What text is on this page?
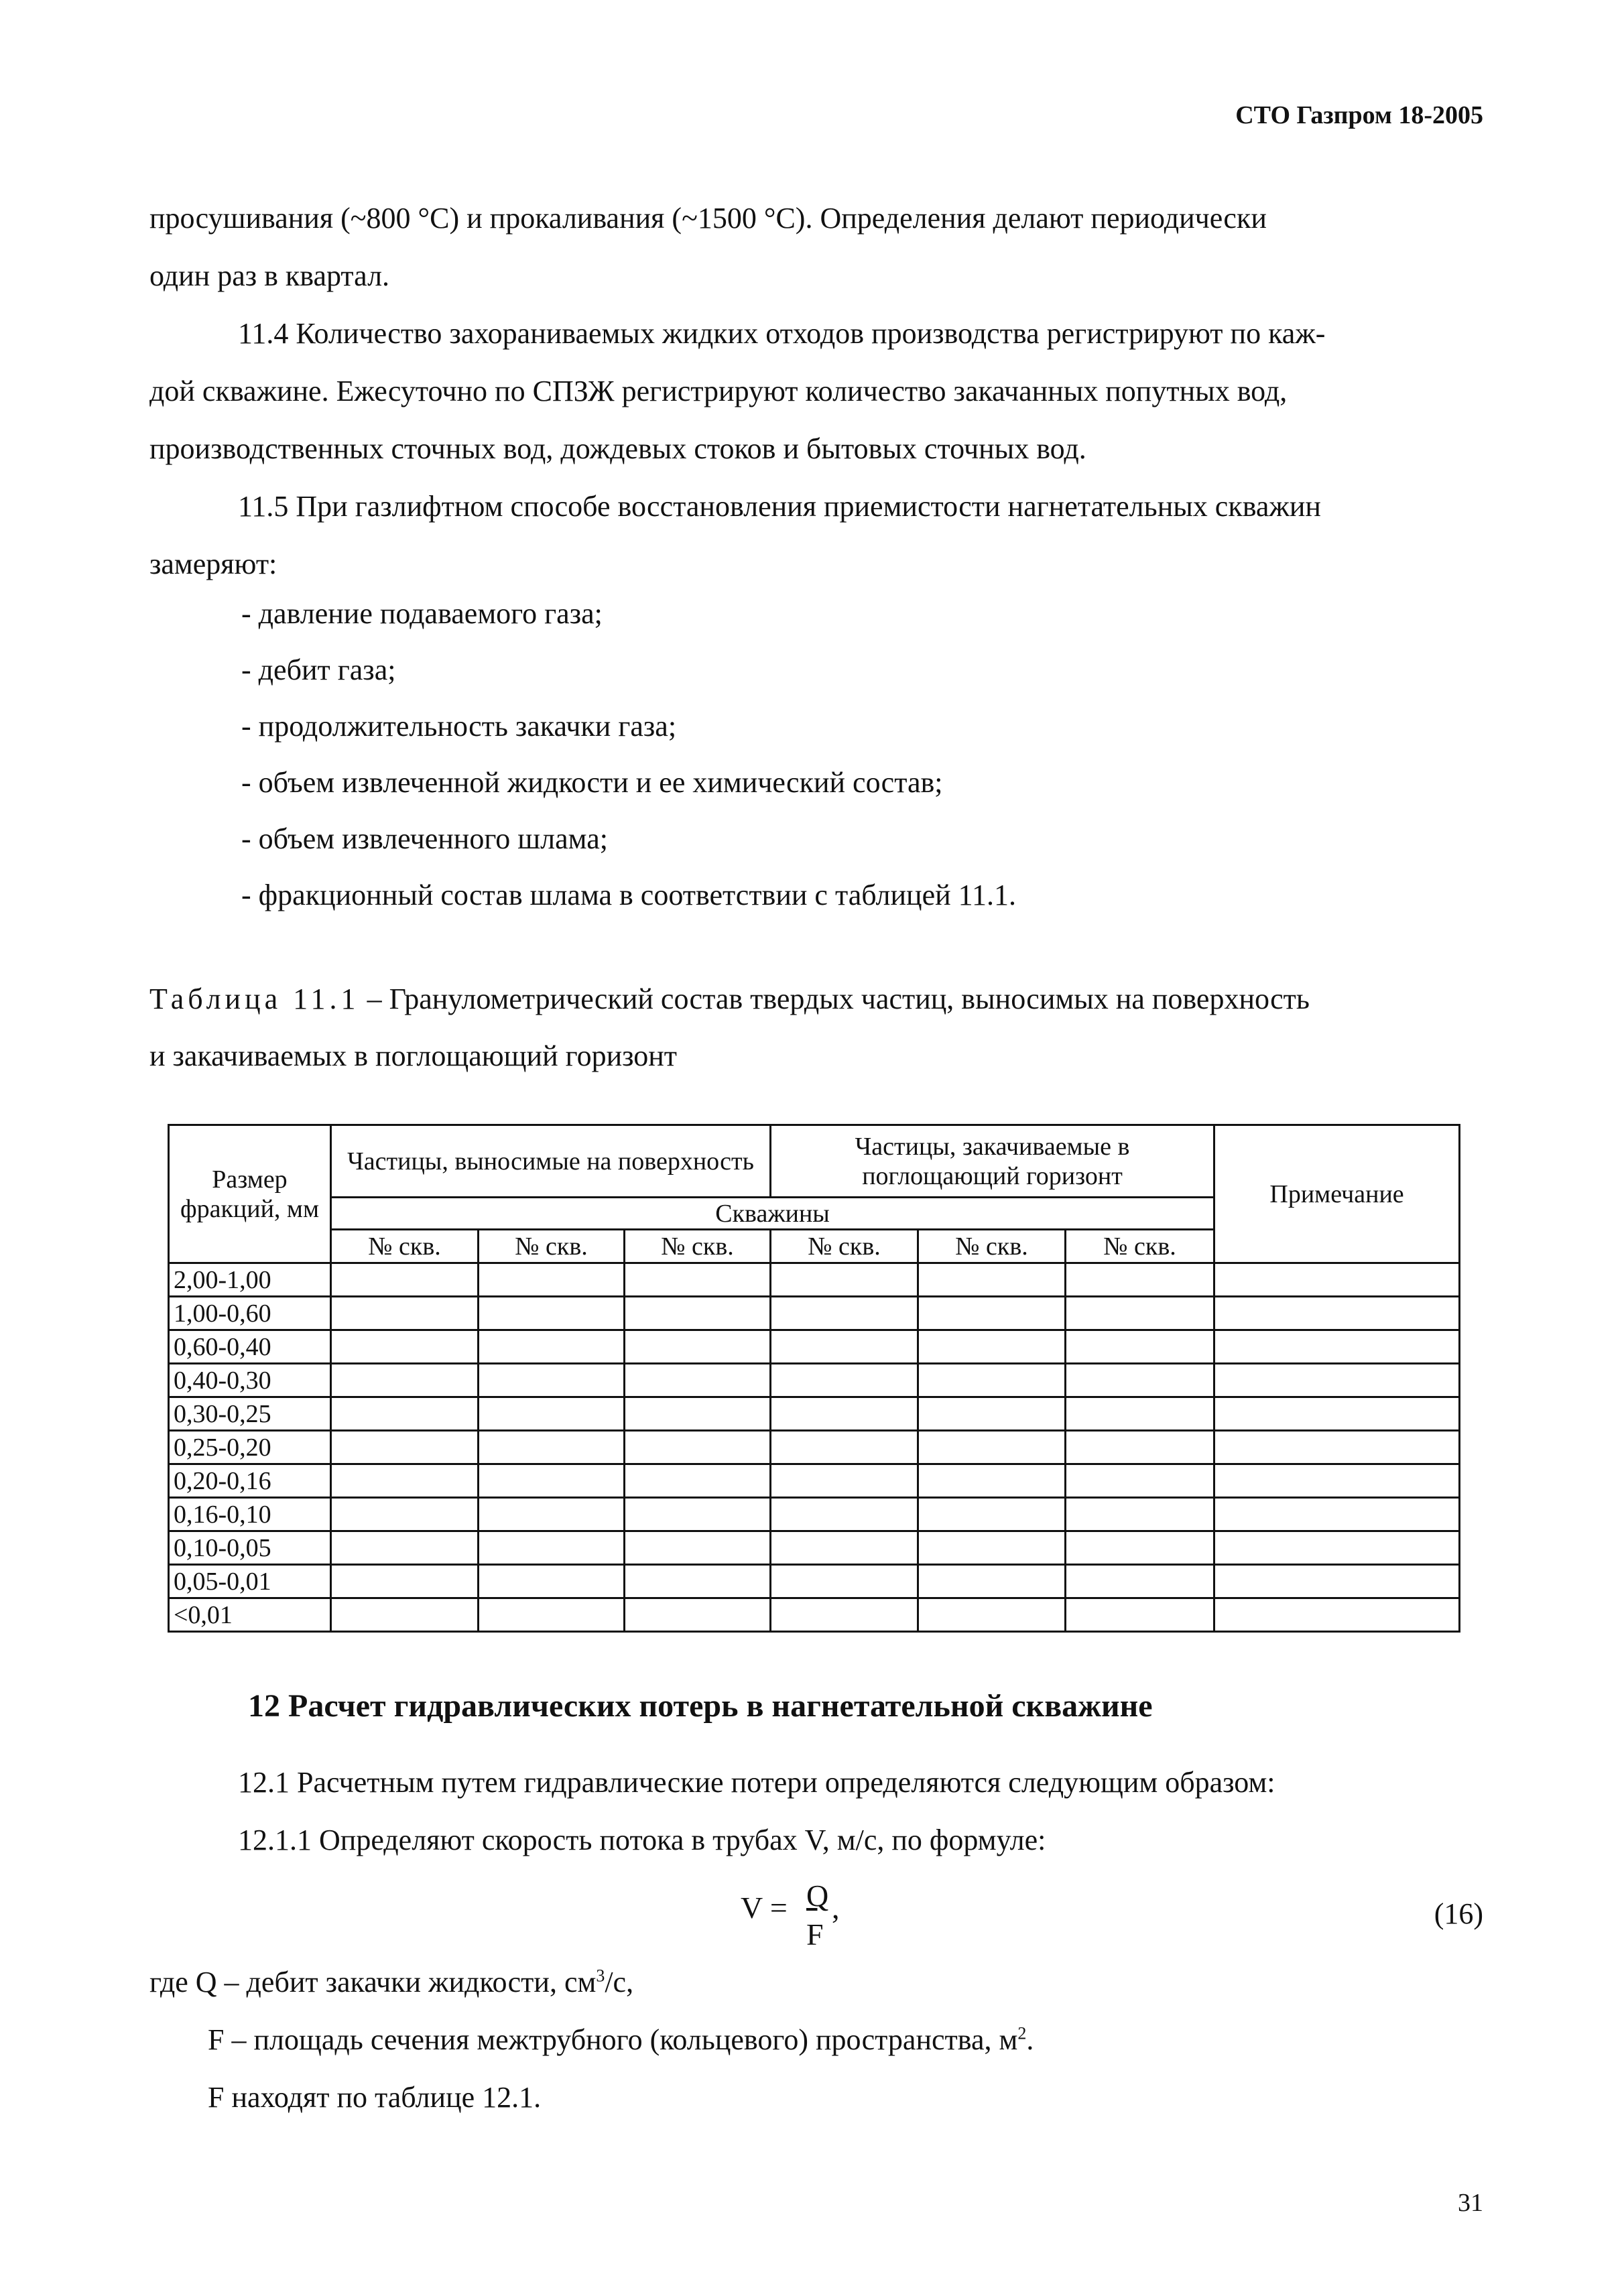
СТО Газпром 18-2005
просушивания (~800 °С) и прокаливания (~1500 °С). Определения делают периодически
один раз в квартал.
11.4 Количество захораниваемых жидких отходов производства регистрируют по каж-
дой скважине. Ежесуточно по СПЗЖ регистрируют количество закачанных попутных вод,
производственных сточных вод, дождевых стоков и бытовых сточных вод.
11.5 При газлифтном способе восстановления приемистости нагнетательных скважин
замеряют:
- давление подаваемого газа;
- дебит газа;
- продолжительность закачки газа;
- объем извлеченной жидкости и ее химический состав;
- объем извлеченного шлама;
- фракционный состав шлама в соответствии с таблицей 11.1.
Таблица 11.1 – Гранулометрический состав твердых частиц, выносимых на поверхность
и закачиваемых в поглощающий горизонт
Размер фракций, мм	Частицы, выносимые на поверхность			Частицы, закачиваемые в поглощающий горизонт			Примечание
	Скважины						
	№ скв.	№ скв.	№ скв.	№ скв.	№ скв.	№ скв.	
2,00-1,00							
1,00-0,60							
0,60-0,40							
0,40-0,30							
0,30-0,25							
0,25-0,20							
0,20-0,16							
0,16-0,10							
0,10-0,05							
0,05-0,01							
<0,01							
12 Расчет гидравлических потерь в нагнетательной скважине
12.1 Расчетным путем гидравлические потери определяются следующим образом:
12.1.1 Определяют скорость потока в трубах V, м/с, по формуле:
V = Q
F
,	(16)
где Q – дебит закачки жидкости, $см^3/с$,
F – площадь сечения межтрубного (кольцевого) пространства, $м^2$.
F находят по таблице 12.1.
31
